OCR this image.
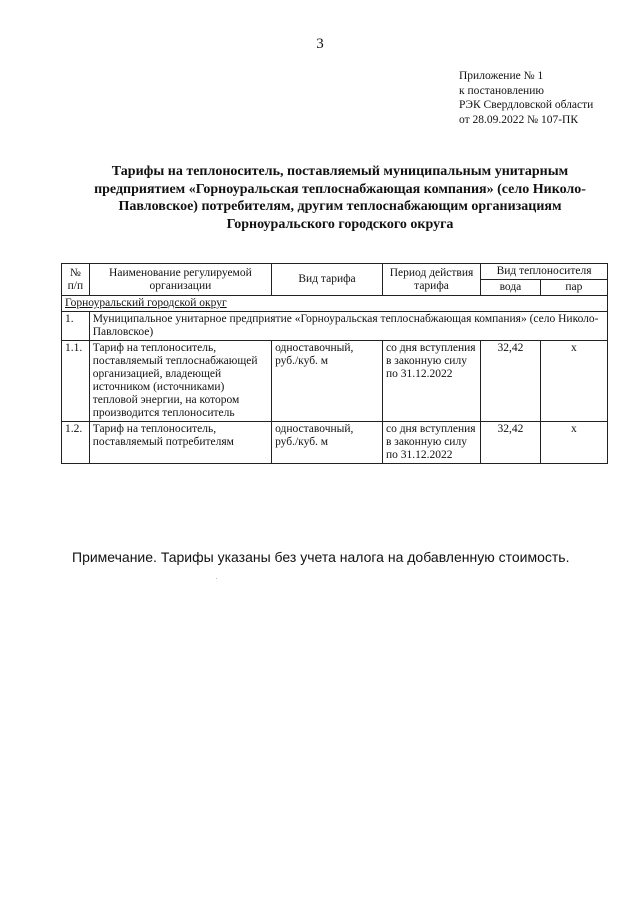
3
Приложение № 1
к постановлению
РЭК Свердловской области
от 28.09.2022 № 107-ПК
Тарифы на теплоноситель, поставляемый муниципальным унитарным
предприятием «Горноуральская теплоснабжающая компания» (село Николо-
Павловское) потребителям, другим теплоснабжающим организациям
Горноуральского городского округа
№
п/п	Наименование регулируемой организации	Вид тарифа	Период действия тарифа	Вид теплоносителя	
				вода	пар
Горноуральский городской округ					
1.	Муниципальное унитарное предприятие «Горноуральская теплоснабжающая компания» (село Николо-Павловское)				
1.1.	Тариф на теплоноситель, поставляемый теплоснабжающей организацией, владеющей источником (источниками) тепловой энергии, на котором производится теплоноситель	одноставочный, руб./куб. м	со дня вступления в законную силу по 31.12.2022	32,42	х
1.2.	Тариф на теплоноситель, поставляемый потребителям	одноставочный, руб./куб. м	со дня вступления в законную силу по 31.12.2022	32,42	х
Примечание. Тарифы указаны без учета налога на добавленную стоимость.
